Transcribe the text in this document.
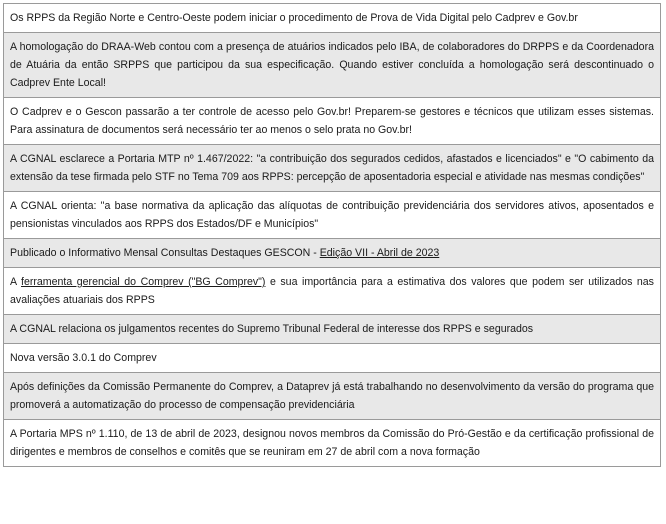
Os RPPS da Região Norte e Centro-Oeste podem iniciar o procedimento de Prova de Vida Digital pelo Cadprev e Gov.br
A homologação do DRAA-Web contou com a presença de atuários indicados pelo IBA, de colaboradores do DRPPS e da Coordenadora de Atuária da então SRPPS que participou da sua especificação. Quando estiver concluída a homologação será descontinuado o Cadprev Ente Local!
O Cadprev e o Gescon passarão a ter controle de acesso pelo Gov.br! Preparem-se gestores e técnicos que utilizam esses sistemas. Para assinatura de documentos será necessário ter ao menos o selo prata no Gov.br!
A CGNAL esclarece a Portaria MTP nº 1.467/2022: "a contribuição dos segurados cedidos, afastados e licenciados" e "O cabimento da extensão da tese firmada pelo STF no Tema 709 aos RPPS: percepção de aposentadoria especial e atividade nas mesmas condições"
A CGNAL orienta: "a base normativa da aplicação das alíquotas de contribuição previdenciária dos servidores ativos, aposentados e pensionistas vinculados aos RPPS dos Estados/DF e Municípios"
Publicado o Informativo Mensal Consultas Destaques GESCON - Edição VII - Abril de 2023
A ferramenta gerencial do Comprev ("BG Comprev") e sua importância para a estimativa dos valores que podem ser utilizados nas avaliações atuariais dos RPPS
A CGNAL relaciona os julgamentos recentes do Supremo Tribunal Federal de interesse dos RPPS e segurados
Nova versão 3.0.1 do Comprev
Após definições da Comissão Permanente do Comprev, a Dataprev já está trabalhando no desenvolvimento da versão do programa que promoverá a automatização do processo de compensação previdenciária
A Portaria MPS nº 1.110, de 13 de abril de 2023, designou novos membros da Comissão do Pró-Gestão e da certificação profissional de dirigentes e membros de conselhos e comitês que se reuniram em 27 de abril com a nova formação
